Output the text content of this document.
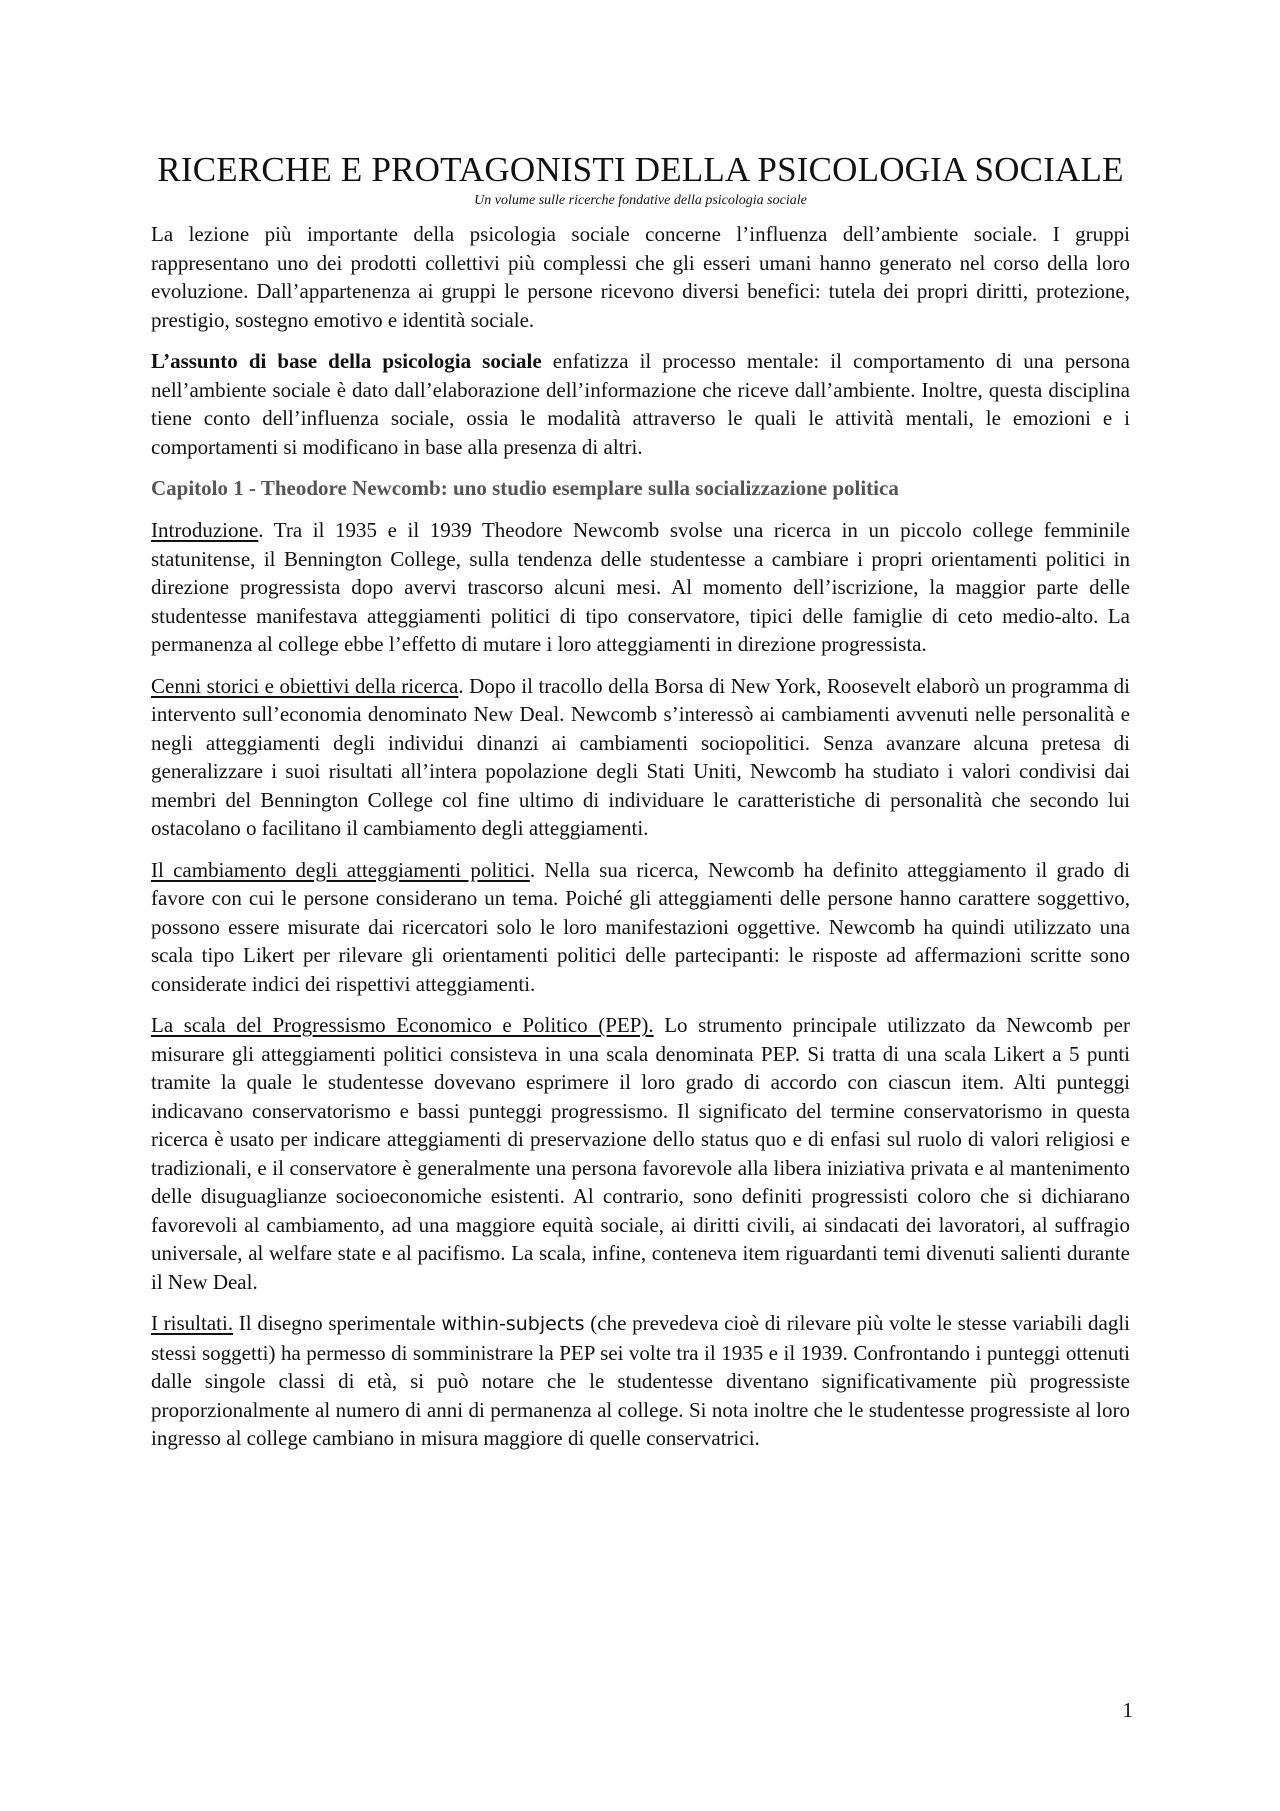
RICERCHE E PROTAGONISTI DELLA PSICOLOGIA SOCIALE
Un volume sulle ricerche fondative della psicologia sociale

La lezione più importante della psicologia sociale concerne l’influenza dell’ambiente sociale. I gruppi rappresentano uno dei prodotti collettivi più complessi che gli esseri umani hanno generato nel corso della loro evoluzione. Dall’appartenenza ai gruppi le persone ricevono diversi benefici: tutela dei propri diritti, protezione, prestigio, sostegno emotivo e identità sociale.

L’assunto di base della psicologia sociale enfatizza il processo mentale: il comportamento di una persona nell’ambiente sociale è dato dall’elaborazione dell’informazione che riceve dall’ambiente. Inoltre, questa disciplina tiene conto dell’influenza sociale, ossia le modalità attraverso le quali le attività mentali, le emozioni e i comportamenti si modificano in base alla presenza di altri.

Capitolo 1 - Theodore Newcomb: uno studio esemplare sulla socializzazione politica

Introduzione. Tra il 1935 e il 1939 Theodore Newcomb svolse una ricerca in un piccolo college femminile statunitense, il Bennington College, sulla tendenza delle studentesse a cambiare i propri orientamenti politici in direzione progressista dopo avervi trascorso alcuni mesi. Al momento dell’iscrizione, la maggior parte delle studentesse manifestava atteggiamenti politici di tipo conservatore, tipici delle famiglie di ceto medio-alto. La permanenza al college ebbe l’effetto di mutare i loro atteggiamenti in direzione progressista.

Cenni storici e obiettivi della ricerca. Dopo il tracollo della Borsa di New York, Roosevelt elaborò un programma di intervento sull’economia denominato New Deal. Newcomb s’interessò ai cambiamenti avvenuti nelle personalità e negli atteggiamenti degli individui dinanzi ai cambiamenti sociopolitici. Senza avanzare alcuna pretesa di generalizzare i suoi risultati all’intera popolazione degli Stati Uniti, Newcomb ha studiato i valori condivisi dai membri del Bennington College col fine ultimo di individuare le caratteristiche di personalità che secondo lui ostacolano o facilitano il cambiamento degli atteggiamenti.

Il cambiamento degli atteggiamenti politici. Nella sua ricerca, Newcomb ha definito atteggiamento il grado di favore con cui le persone considerano un tema. Poiché gli atteggiamenti delle persone hanno carattere soggettivo, possono essere misurate dai ricercatori solo le loro manifestazioni oggettive. Newcomb ha quindi utilizzato una scala tipo Likert per rilevare gli orientamenti politici delle partecipanti: le risposte ad affermazioni scritte sono considerate indici dei rispettivi atteggiamenti.

La scala del Progressismo Economico e Politico (PEP). Lo strumento principale utilizzato da Newcomb per misurare gli atteggiamenti politici consisteva in una scala denominata PEP. Si tratta di una scala Likert a 5 punti tramite la quale le studentesse dovevano esprimere il loro grado di accordo con ciascun item. Alti punteggi indicavano conservatorismo e bassi punteggi progressismo. Il significato del termine conservatorismo in questa ricerca è usato per indicare atteggiamenti di preservazione dello status quo e di enfasi sul ruolo di valori religiosi e tradizionali, e il conservatore è generalmente una persona favorevole alla libera iniziativa privata e al mantenimento delle disuguaglianze socioeconomiche esistenti. Al contrario, sono definiti progressisti coloro che si dichiarano favorevoli al cambiamento, ad una maggiore equità sociale, ai diritti civili, ai sindacati dei lavoratori, al suffragio universale, al welfare state e al pacifismo. La scala, infine, conteneva item riguardanti temi divenuti salienti durante il New Deal.

I risultati. Il disegno sperimentale within-subjects (che prevedeva cioè di rilevare più volte le stesse variabili dagli stessi soggetti) ha permesso di somministrare la PEP sei volte tra il 1935 e il 1939. Confrontando i punteggi ottenuti dalle singole classi di età, si può notare che le studentesse diventano significativamente più progressiste proporzionalmente al numero di anni di permanenza al college. Si nota inoltre che le studentesse progressiste al loro ingresso al college cambiano in misura maggiore di quelle conservatrici.

1
